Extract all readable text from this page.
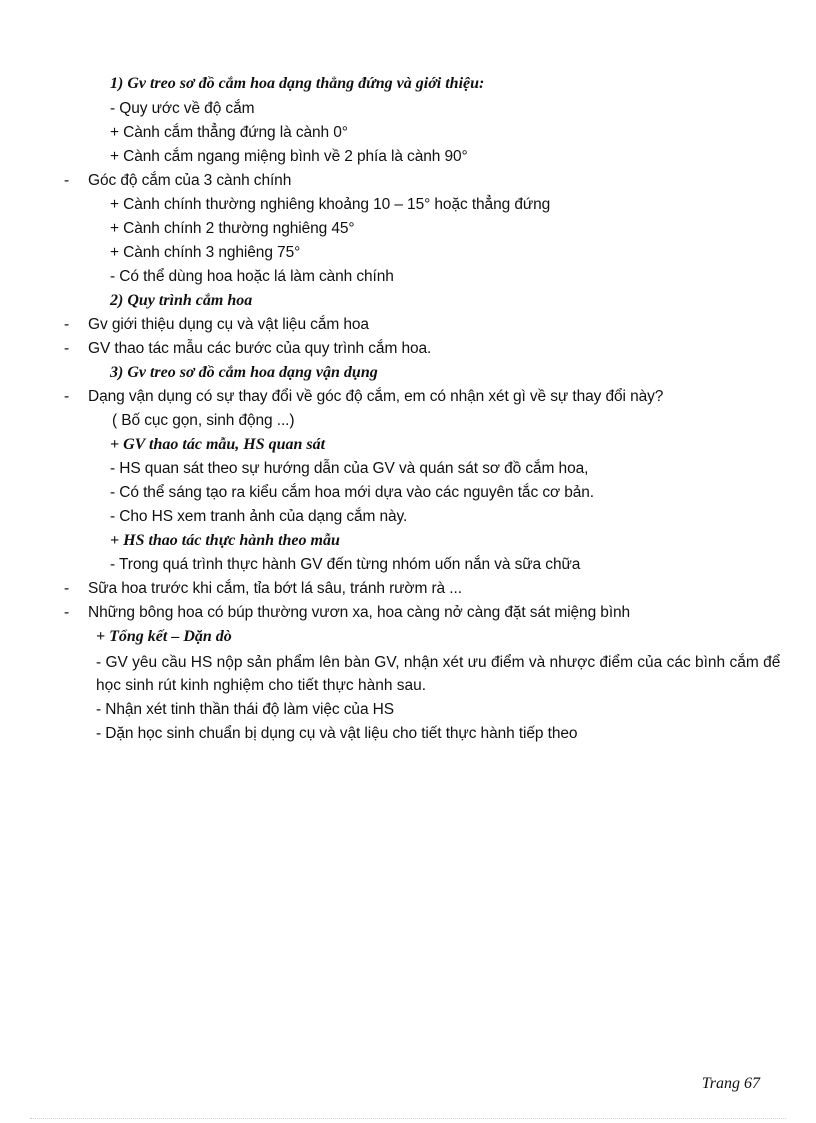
1) Gv treo sơ đồ cắm hoa dạng thẳng đứng và giới thiệu:
- Quy ước về độ cắm
+ Cành cắm thẳng đứng là cành 0°
+ Cành cắm ngang miệng bình về 2 phía là cành 90°
- Góc độ cắm của 3 cành chính
+ Cành chính thường nghiêng khoảng 10 – 15° hoặc thẳng đứng
+ Cành chính 2 thường nghiêng 45°
+ Cành chính 3 nghiêng 75°
- Có thể dùng hoa hoặc lá làm cành chính
2) Quy trình cắm hoa
- Gv giới thiệu dụng cụ và vật liệu cắm hoa
- GV thao tác mẫu các bước của quy trình cắm hoa.
3) Gv treo sơ đồ cắm hoa dạng vận dụng
- Dạng vận dụng có sự thay đổi về góc độ cắm, em có nhận xét gì về sự thay đổi này?
( Bố cục gọn, sinh động ...)
+ GV thao tác mẫu, HS quan sát
- HS quan sát theo sự hướng dẫn của GV và quán sát sơ đồ cắm hoa,
- Có thể sáng tạo ra kiểu cắm hoa mới dựa vào các nguyên tắc cơ bản.
- Cho HS xem tranh ảnh của dạng cắm này.
+ HS thao tác thực hành theo mẫu
- Trong quá trình thực hành GV đến từng nhóm uốn nắn và sữa chữa
- Sữa hoa trước khi cắm, tỉa bớt lá sâu, tránh rườm rà ...
- Những bông hoa có búp thường vươn xa, hoa càng nở càng đặt sát miệng bình
+ Tổng kết – Dặn dò
- GV yêu cầu HS nộp sản phẩm lên bàn GV, nhận xét ưu điểm và nhược điểm của các bình cắm để học sinh rút kinh nghiệm cho tiết thực hành sau.
- Nhận xét tinh thần thái độ làm việc của HS
- Dặn học sinh chuẩn bị dụng cụ và vật liệu cho tiết thực hành tiếp theo
Trang 67
